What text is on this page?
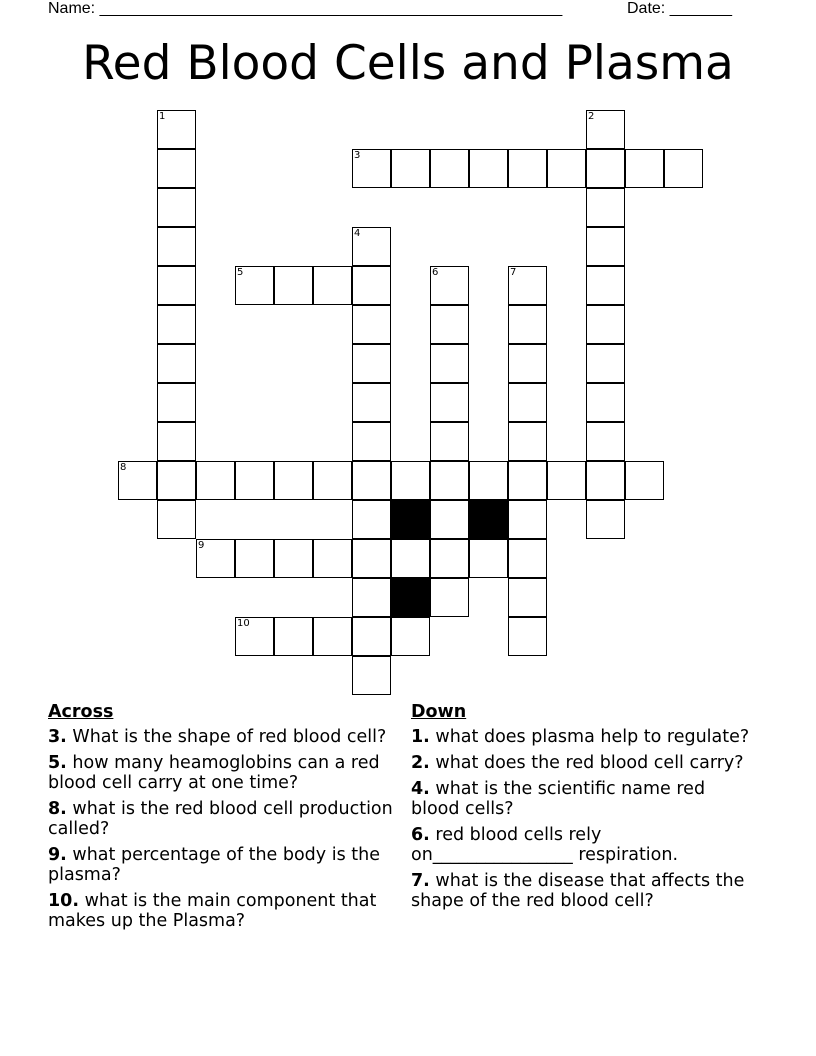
Name: ____________________________________________________	Date: _______
Red Blood Cells and Plasma
1	2
3
4
5	6	7
8
9
10
Across
3. What is the shape of red blood cell?
5. how many heamoglobins can a red blood cell carry at one time?
8. what is the red blood cell production called?
9. what percentage of the body is the plasma?
10. what is the main component that makes up the Plasma?
Down
1. what does plasma help to regulate?
2. what does the red blood cell carry?
4. what is the scientific name red blood cells?
6. red blood cells rely on________________ respiration.
7. what is the disease that affects the shape of the red blood cell?
